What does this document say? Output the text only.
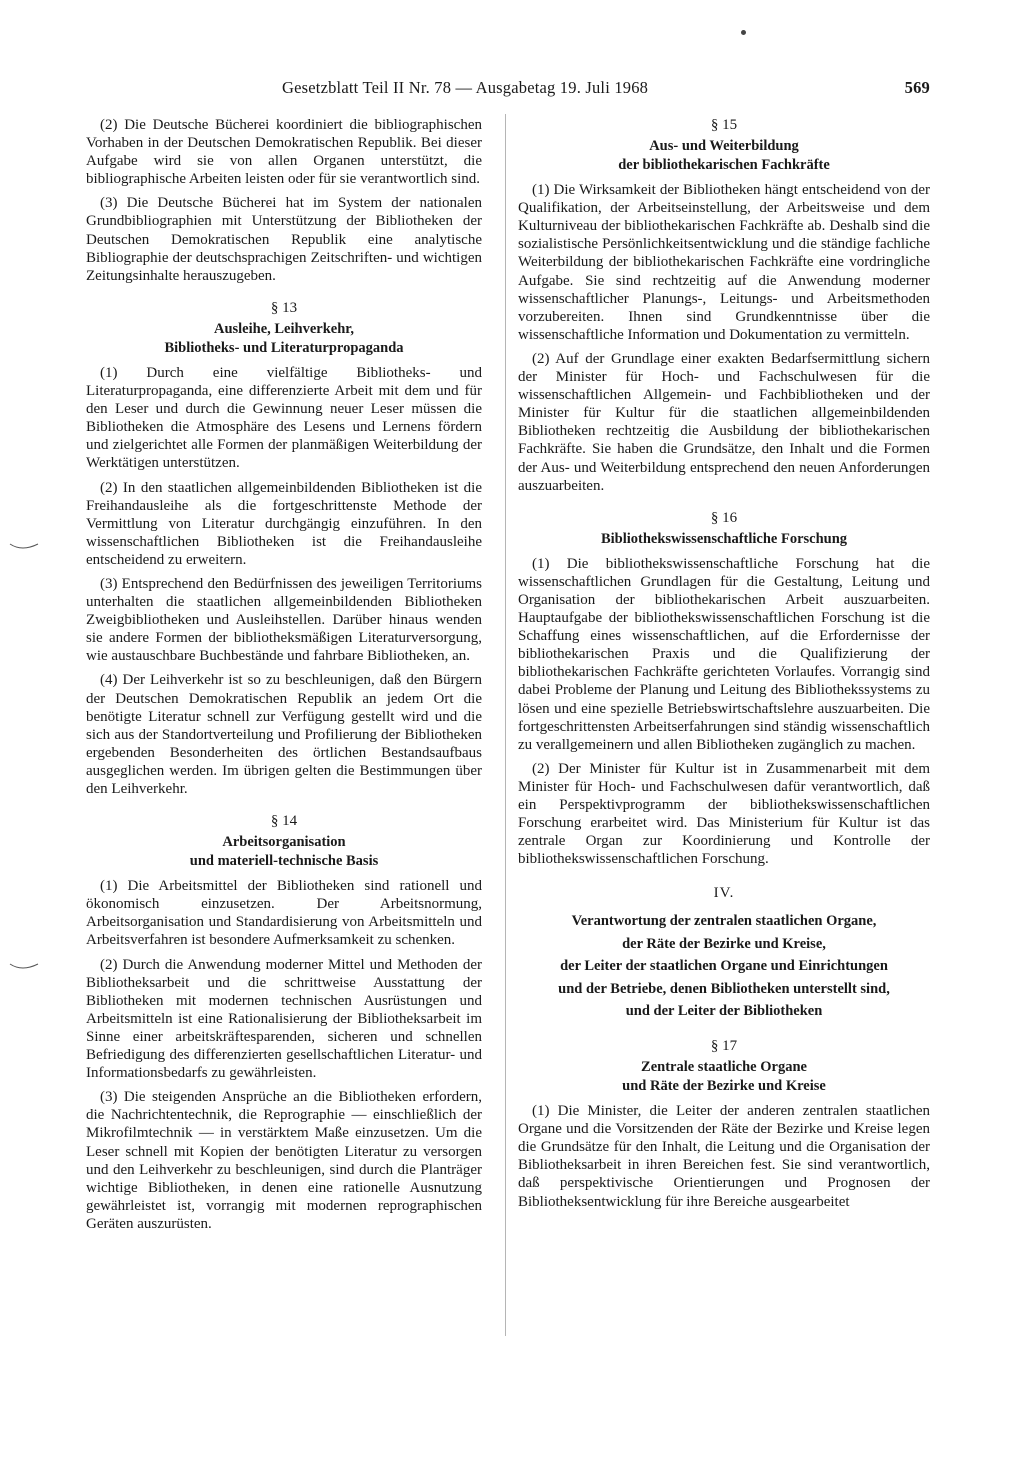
Gesetzblatt Teil II Nr. 78 — Ausgabetag 19. Juli 1968	569

(2) Die Deutsche Bücherei koordiniert die bibliographischen Vorhaben in der Deutschen Demokratischen Republik. Bei dieser Aufgabe wird sie von allen Organen unterstützt, die bibliographische Arbeiten leisten oder für sie verantwortlich sind.

(3) Die Deutsche Bücherei hat im System der nationalen Grundbibliographien mit Unterstützung der Bibliotheken der Deutschen Demokratischen Republik eine analytische Bibliographie der deutschsprachigen Zeitschriften- und wichtigen Zeitungsinhalte herauszugeben.

§ 13
Ausleihe, Leihverkehr,
Bibliotheks- und Literaturpropaganda

(1) Durch eine vielfältige Bibliotheks- und Literaturpropaganda, eine differenzierte Arbeit mit dem und für den Leser und durch die Gewinnung neuer Leser müssen die Bibliotheken die Atmosphäre des Lesens und Lernens fördern und zielgerichtet alle Formen der planmäßigen Weiterbildung der Werktätigen unterstützen.

(2) In den staatlichen allgemeinbildenden Bibliotheken ist die Freihandausleihe als die fortgeschrittenste Methode der Vermittlung von Literatur durchgängig einzuführen. In den wissenschaftlichen Bibliotheken ist die Freihandausleihe entscheidend zu erweitern.

(3) Entsprechend den Bedürfnissen des jeweiligen Territoriums unterhalten die staatlichen allgemeinbildenden Bibliotheken Zweigbibliotheken und Ausleihstellen. Darüber hinaus wenden sie andere Formen der bibliotheksmäßigen Literaturversorgung, wie austauschbare Buchbestände und fahrbare Bibliotheken, an.

(4) Der Leihverkehr ist so zu beschleunigen, daß den Bürgern der Deutschen Demokratischen Republik an jedem Ort die benötigte Literatur schnell zur Verfügung gestellt wird und die sich aus der Standortverteilung und Profilierung der Bibliotheken ergebenden Besonderheiten des örtlichen Bestandsaufbaus ausgeglichen werden. Im übrigen gelten die Bestimmungen über den Leihverkehr.

§ 14
Arbeitsorganisation
und materiell-technische Basis

(1) Die Arbeitsmittel der Bibliotheken sind rationell und ökonomisch einzusetzen. Der Arbeitsnormung, Arbeitsorganisation und Standardisierung von Arbeitsmitteln und Arbeitsverfahren ist besondere Aufmerksamkeit zu schenken.

(2) Durch die Anwendung moderner Mittel und Methoden der Bibliotheksarbeit und die schrittweise Ausstattung der Bibliotheken mit modernen technischen Ausrüstungen und Arbeitsmitteln ist eine Rationalisierung der Bibliotheksarbeit im Sinne einer arbeitskräftesparenden, sicheren und schnellen Befriedigung des differenzierten gesellschaftlichen Literatur- und Informationsbedarfs zu gewährleisten.

(3) Die steigenden Ansprüche an die Bibliotheken erfordern, die Nachrichtentechnik, die Reprographie — einschließlich der Mikrofilmtechnik — in verstärktem Maße einzusetzen. Um die Leser schnell mit Kopien der benötigten Literatur zu versorgen und den Leihverkehr zu beschleunigen, sind durch die Planträger wichtige Bibliotheken, in denen eine rationelle Ausnutzung gewährleistet ist, vorrangig mit modernen reprographischen Geräten auszurüsten.

§ 15
Aus- und Weiterbildung
der bibliothekarischen Fachkräfte

(1) Die Wirksamkeit der Bibliotheken hängt entscheidend von der Qualifikation, der Arbeitseinstellung, der Arbeitsweise und dem Kulturniveau der bibliothekarischen Fachkräfte ab. Deshalb sind die sozialistische Persönlichkeitsentwicklung und die ständige fachliche Weiterbildung der bibliothekarischen Fachkräfte eine vordringliche Aufgabe. Sie sind rechtzeitig auf die Anwendung moderner wissenschaftlicher Planungs-, Leitungs- und Arbeitsmethoden vorzubereiten. Ihnen sind Grundkenntnisse über die wissenschaftliche Information und Dokumentation zu vermitteln.

(2) Auf der Grundlage einer exakten Bedarfsermittlung sichern der Minister für Hoch- und Fachschulwesen für die wissenschaftlichen Allgemein- und Fachbibliotheken und der Minister für Kultur für die staatlichen allgemeinbildenden Bibliotheken rechtzeitig die Ausbildung der bibliothekarischen Fachkräfte. Sie haben die Grundsätze, den Inhalt und die Formen der Aus- und Weiterbildung entsprechend den neuen Anforderungen auszuarbeiten.

§ 16
Bibliothekswissenschaftliche Forschung

(1) Die bibliothekswissenschaftliche Forschung hat die wissenschaftlichen Grundlagen für die Gestaltung, Leitung und Organisation der bibliothekarischen Arbeit auszuarbeiten. Hauptaufgabe der bibliothekswissenschaftlichen Forschung ist die Schaffung eines wissenschaftlichen, auf die Erfordernisse der bibliothekarischen Praxis und die Qualifizierung der bibliothekarischen Fachkräfte gerichteten Vorlaufes. Vorrangig sind dabei Probleme der Planung und Leitung des Bibliothekssystems zu lösen und eine spezielle Betriebswirtschaftslehre auszuarbeiten. Die fortgeschrittensten Arbeitserfahrungen sind ständig wissenschaftlich zu verallgemeinern und allen Bibliotheken zugänglich zu machen.

(2) Der Minister für Kultur ist in Zusammenarbeit mit dem Minister für Hoch- und Fachschulwesen dafür verantwortlich, daß ein Perspektivprogramm der bibliothekswissenschaftlichen Forschung erarbeitet wird. Das Ministerium für Kultur ist das zentrale Organ zur Koordinierung und Kontrolle der bibliothekswissenschaftlichen Forschung.

IV.
Verantwortung der zentralen staatlichen Organe,
der Räte der Bezirke und Kreise,
der Leiter der staatlichen Organe und Einrichtungen
und der Betriebe, denen Bibliotheken unterstellt sind,
und der Leiter der Bibliotheken
§ 17
Zentrale staatliche Organe
und Räte der Bezirke und Kreise

(1) Die Minister, die Leiter der anderen zentralen staatlichen Organe und die Vorsitzenden der Räte der Bezirke und Kreise legen die Grundsätze für den Inhalt, die Leitung und die Organisation der Bibliotheksarbeit in ihren Bereichen fest. Sie sind verantwortlich, daß perspektivische Orientierungen und Prognosen der Bibliotheksentwicklung für ihre Bereiche ausgearbeitet
